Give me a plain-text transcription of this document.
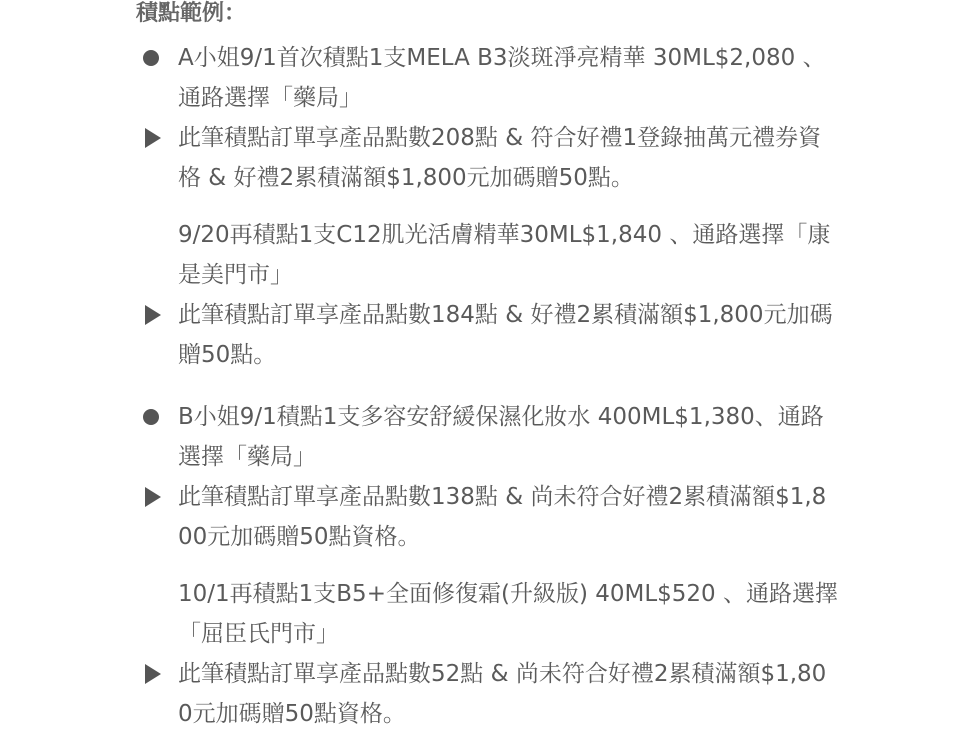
積點範例：
A小姐9/1首次積點1支MELA B3淡斑淨亮精華 30ML$2,080 、通路選擇「藥局」
此筆積點訂單享產品點數208點 & 符合好禮1登錄抽萬元禮券資格 & 好禮2累積滿額$1,800元加碼贈50點。
9/20再積點1支C12肌光活膚精華30ML$1,840 、通路選擇「康是美門市」
此筆積點訂單享產品點數184點 & 好禮2累積滿額$1,800元加碼贈50點。
B小姐9/1積點1支多容安舒緩保濕化妝水 400ML$1,380、通路選擇「藥局」
此筆積點訂單享產品點數138點 & 尚未符合好禮2累積滿額$1,800元加碼贈50點資格。
10/1再積點1支B5+全面修復霜(升級版) 40ML$520 、通路選擇「屈臣氏門市」
此筆積點訂單享產品點數52點 & 尚未符合好禮2累積滿額$1,800元加碼贈50點資格。
